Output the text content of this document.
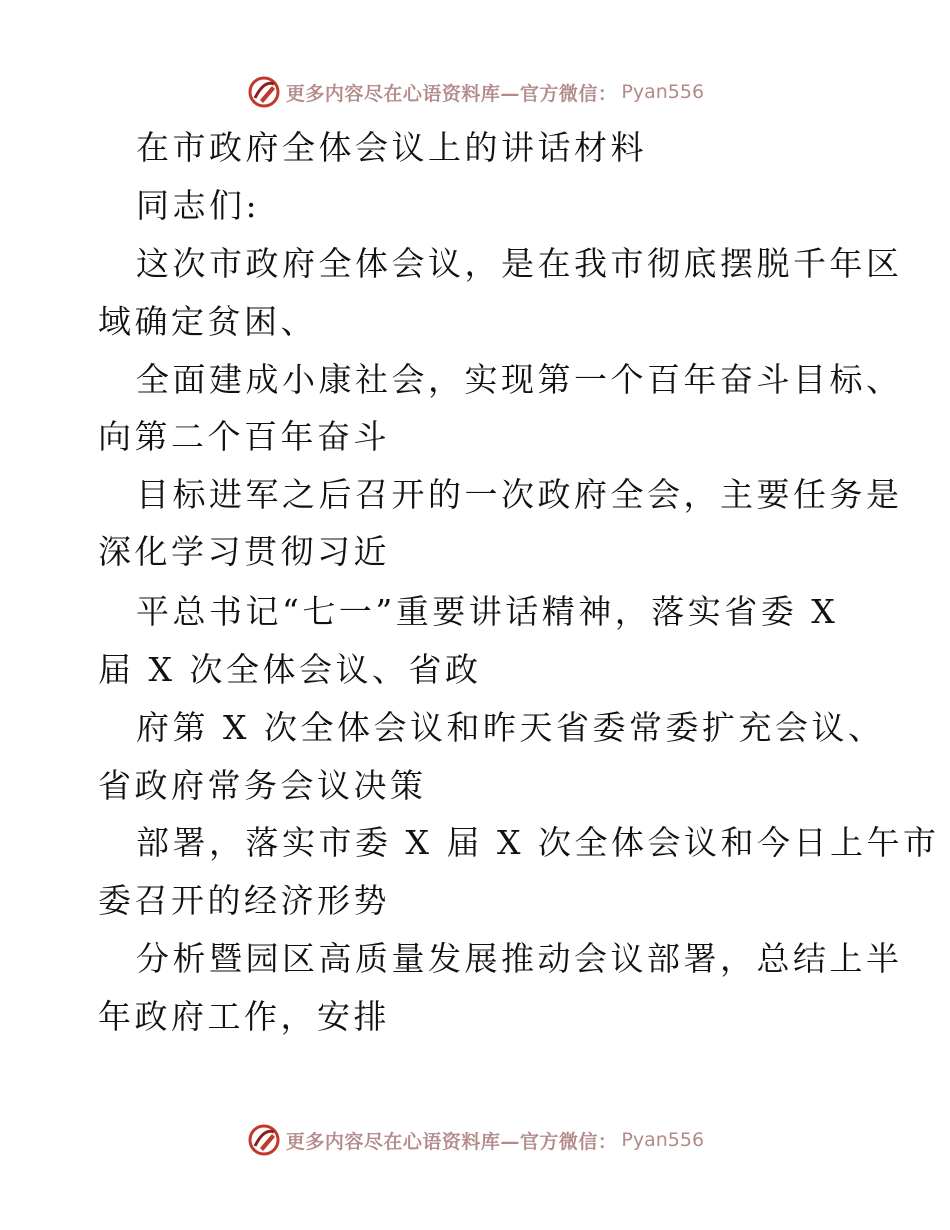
更多内容尽在心语资料库—官方微信： Pyan556
在市政府全体会议上的讲话材料
同志们:
这次市政府全体会议，是在我市彻底摆脱千年区
域确定贫困、
全面建成小康社会，实现第一个百年奋斗目标、
向第二个百年奋斗
目标进军之后召开的一次政府全会，主要任务是
深化学习贯彻习近
平总书记“七一”重要讲话精神，落实省委 X
届 X 次全体会议、省政
府第 X 次全体会议和昨天省委常委扩充会议、
省政府常务会议决策
部署，落实市委 X 届 X 次全体会议和今日上午市
委召开的经济形势
分析暨园区高质量发展推动会议部署，总结上半
年政府工作，安排
更多内容尽在心语资料库—官方微信： Pyan556
